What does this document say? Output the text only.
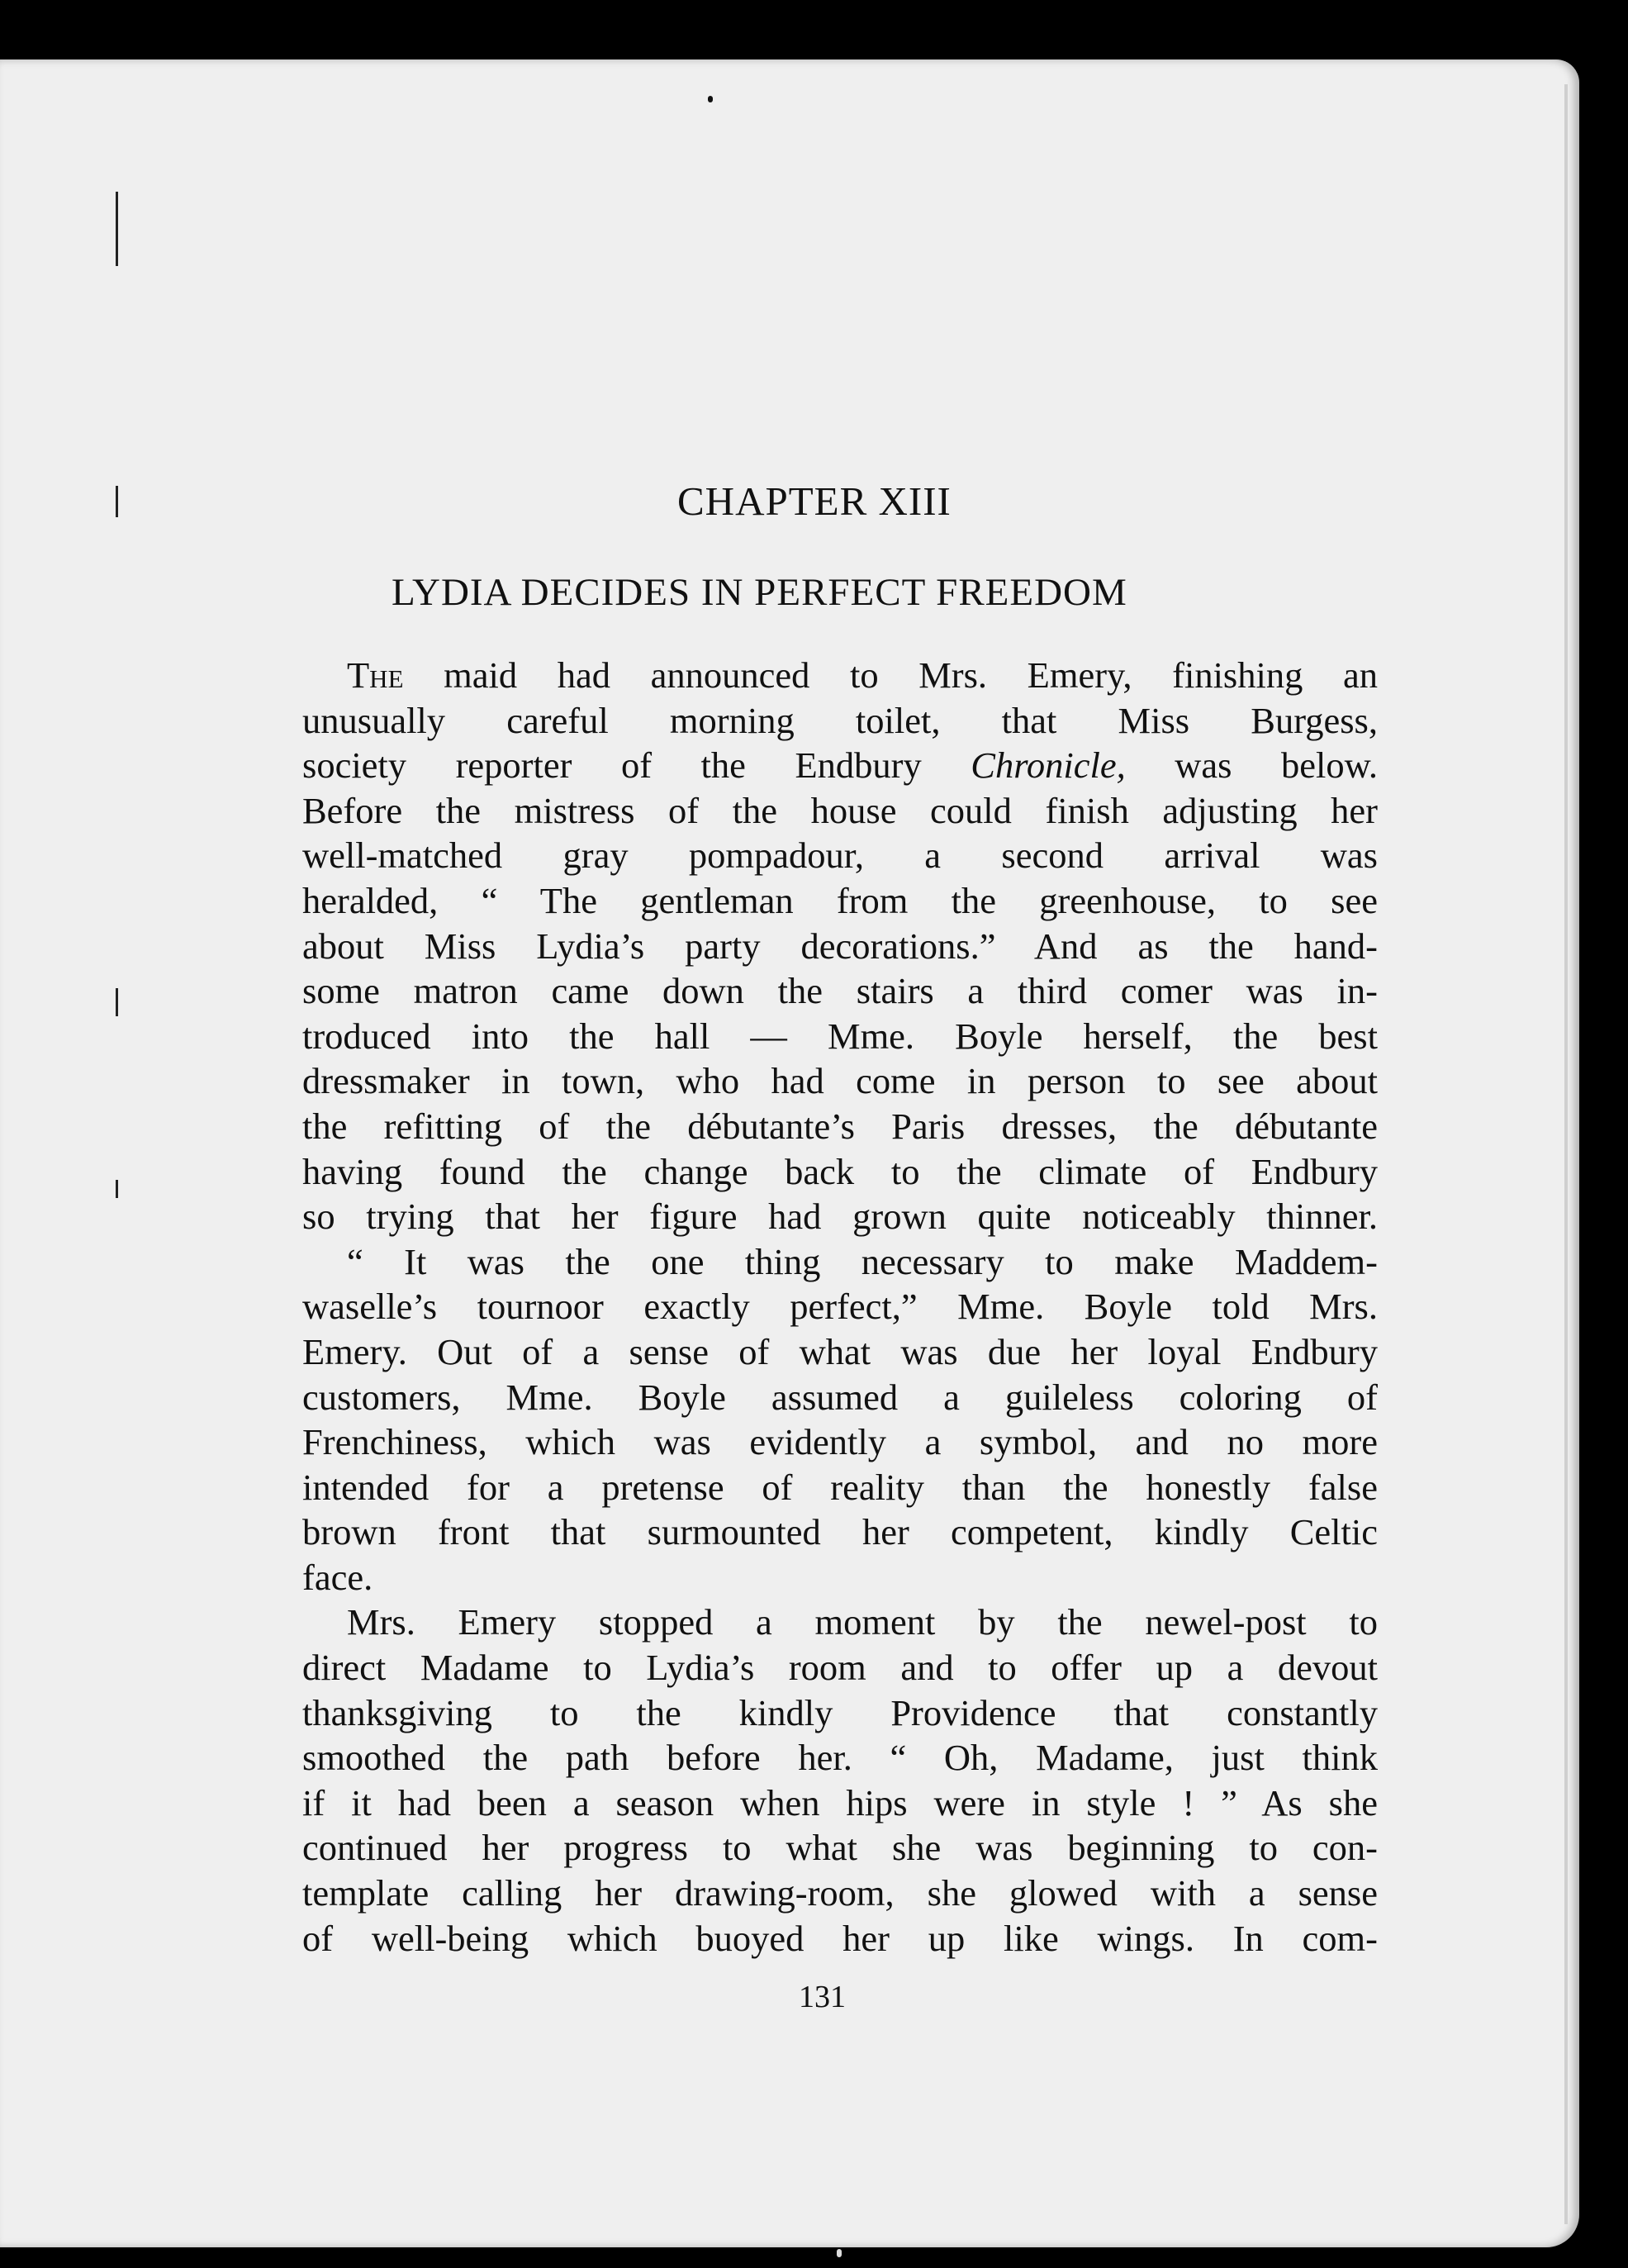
CHAPTER XIII
LYDIA DECIDES IN PERFECT FREEDOM
The maid had announced to Mrs. Emery, finishing an
unusually careful morning toilet, that Miss Burgess,
society reporter of the Endbury Chronicle, was below.
Before the mistress of the house could finish adjusting her
well-matched gray pompadour, a second arrival was
heralded, “ The gentleman from the greenhouse, to see
about Miss Lydia’s party decorations.” And as the hand-
some matron came down the stairs a third comer was in-
troduced into the hall — Mme. Boyle herself, the best
dressmaker in town, who had come in person to see about
the refitting of the débutante’s Paris dresses, the débutante
having found the change back to the climate of Endbury
so trying that her figure had grown quite noticeably thinner.
“ It was the one thing necessary to make Maddem-
waselle’s tournoor exactly perfect,” Mme. Boyle told Mrs.
Emery. Out of a sense of what was due her loyal Endbury
customers, Mme. Boyle assumed a guileless coloring of
Frenchiness, which was evidently a symbol, and no more
intended for a pretense of reality than the honestly false
brown front that surmounted her competent, kindly Celtic
face.
Mrs. Emery stopped a moment by the newel-post to
direct Madame to Lydia’s room and to offer up a devout
thanksgiving to the kindly Providence that constantly
smoothed the path before her. “ Oh, Madame, just think
if it had been a season when hips were in style ! ” As she
continued her progress to what she was beginning to con-
template calling her drawing-room, she glowed with a sense
of well-being which buoyed her up like wings. In com-
131
